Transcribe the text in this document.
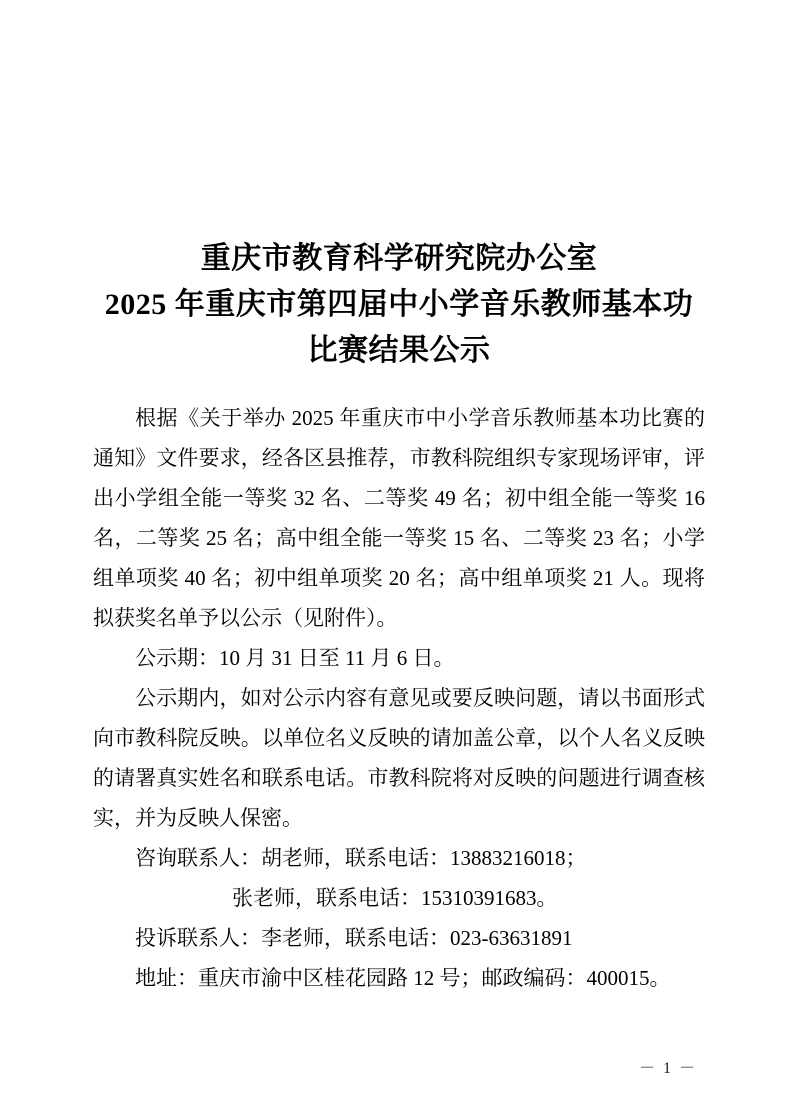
重庆市教育科学研究院办公室
2025 年重庆市第四届中小学音乐教师基本功
比赛结果公示

根据《关于举办 2025 年重庆市中小学音乐教师基本功比赛的通知》文件要求，经各区县推荐，市教科院组织专家现场评审，评出小学组全能一等奖 32 名、二等奖 49 名；初中组全能一等奖 16 名，二等奖 25 名；高中组全能一等奖 15 名、二等奖 23 名；小学组单项奖 40 名；初中组单项奖 20 名；高中组单项奖 21 人。现将拟获奖名单予以公示（见附件）。

公示期：10 月 31 日至 11 月 6 日。

公示期内，如对公示内容有意见或要反映问题，请以书面形式向市教科院反映。以单位名义反映的请加盖公章，以个人名义反映的请署真实姓名和联系电话。市教科院将对反映的问题进行调查核实，并为反映人保密。

咨询联系人：胡老师，联系电话：13883216018；

张老师，联系电话：15310391683。

投诉联系人：李老师，联系电话：023-63631891

地址：重庆市渝中区桂花园路 12 号；邮政编码：400015。

－ 1 －
